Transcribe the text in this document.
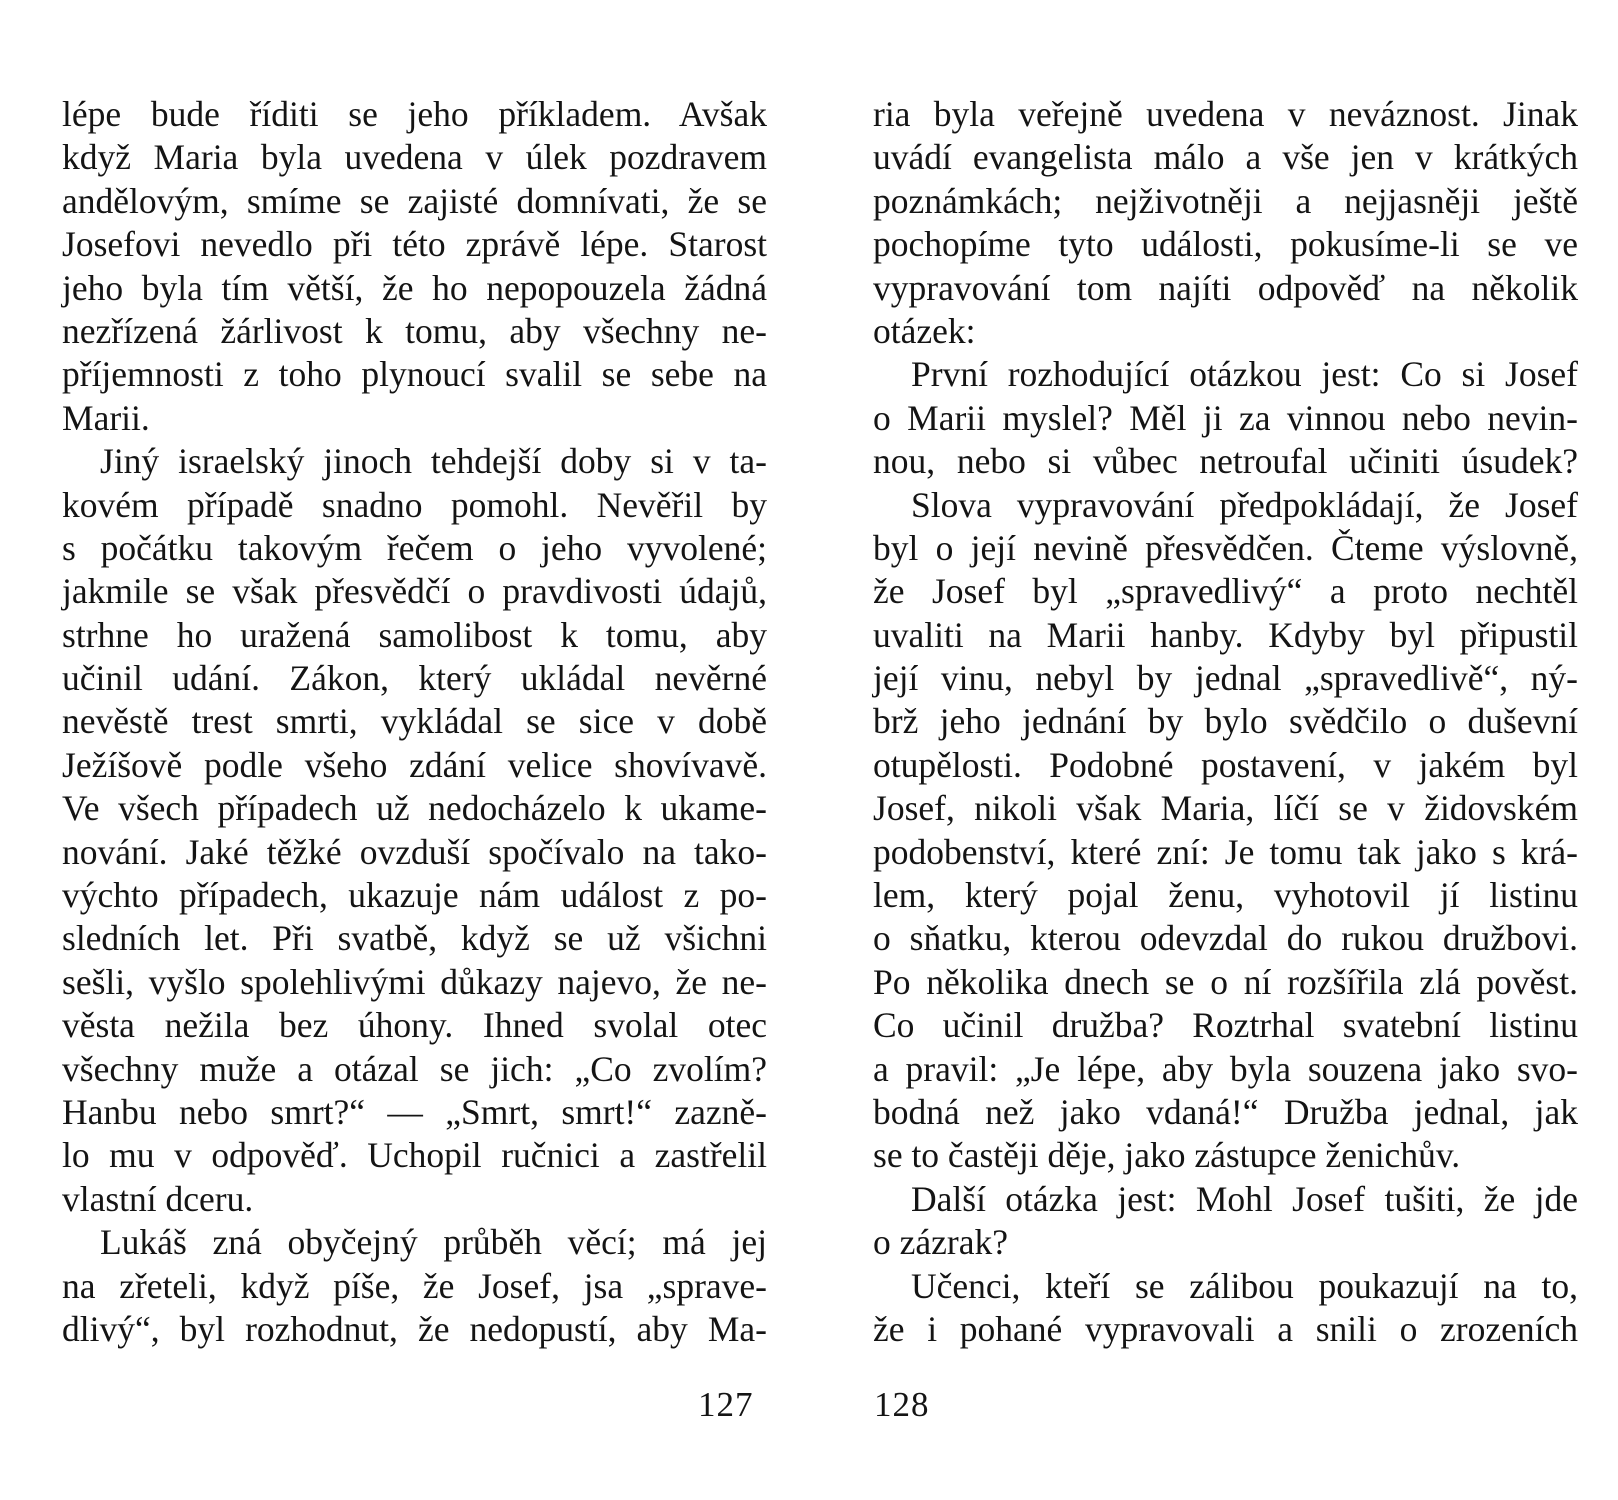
lépe bude říditi se jeho příkladem. Avšak
když Maria byla uvedena v úlek pozdravem
andělovým, smíme se zajisté domnívati, že se
Josefovi nevedlo při této zprávě lépe. Starost
jeho byla tím větší, že ho nepopouzela žádná
nezřízená žárlivost k tomu, aby všechny ne-
příjemnosti z toho plynoucí svalil se sebe na
Marii.
Jiný israelský jinoch tehdejší doby si v ta-
kovém případě snadno pomohl. Nevěřil by
s počátku takovým řečem o jeho vyvolené;
jakmile se však přesvědčí o pravdivosti údajů,
strhne ho uražená samolibost k tomu, aby
učinil udání. Zákon, který ukládal nevěrné
nevěstě trest smrti, vykládal se sice v době
Ježíšově podle všeho zdání velice shovívavě.
Ve všech případech už nedocházelo k ukame-
nování. Jaké těžké ovzduší spočívalo na tako-
výchto případech, ukazuje nám událost z po-
sledních let. Při svatbě, když se už všichni
sešli, vyšlo spolehlivými důkazy najevo, že ne-
věsta nežila bez úhony. Ihned svolal otec
všechny muže a otázal se jich: „Co zvolím?
Hanbu nebo smrt?“ — „Smrt, smrt!“ zazně-
lo mu v odpověď. Uchopil ručnici a zastřelil
vlastní dceru.
Lukáš zná obyčejný průběh věcí; má jej
na zřeteli, když píše, že Josef, jsa „sprave-
dlivý“, byl rozhodnut, že nedopustí, aby Ma-
ria byla veřejně uvedena v neváznost. Jinak
uvádí evangelista málo a vše jen v krátkých
poznámkách; nejživotněji a nejjasněji ještě
pochopíme tyto události, pokusíme-li se ve
vypravování tom najíti odpověď na několik
otázek:
První rozhodující otázkou jest: Co si Josef
o Marii myslel? Měl ji za vinnou nebo nevin-
nou, nebo si vůbec netroufal učiniti úsudek?
Slova vypravování předpokládají, že Josef
byl o její nevině přesvědčen. Čteme výslovně,
že Josef byl „spravedlivý“ a proto nechtěl
uvaliti na Marii hanby. Kdyby byl připustil
její vinu, nebyl by jednal „spravedlivě“, ný-
brž jeho jednání by bylo svědčilo o duševní
otupělosti. Podobné postavení, v jakém byl
Josef, nikoli však Maria, líčí se v židovském
podobenství, které zní: Je tomu tak jako s krá-
lem, který pojal ženu, vyhotovil jí listinu
o sňatku, kterou odevzdal do rukou družbovi.
Po několika dnech se o ní rozšířila zlá pověst.
Co učinil družba? Roztrhal svatební listinu
a pravil: „Je lépe, aby byla souzena jako svo-
bodná než jako vdaná!“ Družba jednal, jak
se to častěji děje, jako zástupce ženichův.
Další otázka jest: Mohl Josef tušiti, že jde
o zázrak?
Učenci, kteří se zálibou poukazují na to,
že i pohané vypravovali a snili o zrozeních
127	128
